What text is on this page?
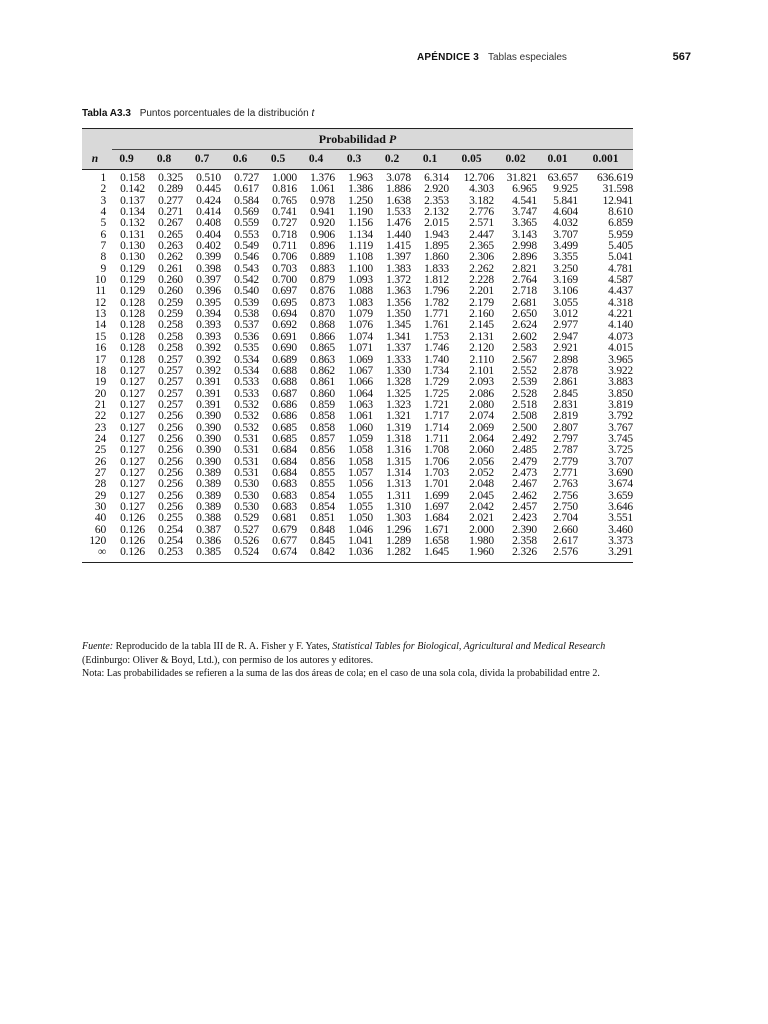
APÉNDICE 3 Tablas especiales	567
Tabla A3.3 Puntos porcentuales de la distribución t
Probabilidad P
n	0.9	0.8	0.7	0.6	0.5	0.4	0.3	0.2	0.1	0.05	0.02	0.01	0.001
1	0.158	0.325	0.510	0.727	1.000	1.376	1.963	3.078	6.314	12.706	31.821	63.657	636.619
2	0.142	0.289	0.445	0.617	0.816	1.061	1.386	1.886	2.920	4.303	6.965	9.925	31.598
3	0.137	0.277	0.424	0.584	0.765	0.978	1.250	1.638	2.353	3.182	4.541	5.841	12.941
4	0.134	0.271	0.414	0.569	0.741	0.941	1.190	1.533	2.132	2.776	3.747	4.604	8.610
5	0.132	0.267	0.408	0.559	0.727	0.920	1.156	1.476	2.015	2.571	3.365	4.032	6.859
6	0.131	0.265	0.404	0.553	0.718	0.906	1.134	1.440	1.943	2.447	3.143	3.707	5.959
7	0.130	0.263	0.402	0.549	0.711	0.896	1.119	1.415	1.895	2.365	2.998	3.499	5.405
8	0.130	0.262	0.399	0.546	0.706	0.889	1.108	1.397	1.860	2.306	2.896	3.355	5.041
9	0.129	0.261	0.398	0.543	0.703	0.883	1.100	1.383	1.833	2.262	2.821	3.250	4.781
10	0.129	0.260	0.397	0.542	0.700	0.879	1.093	1.372	1.812	2.228	2.764	3.169	4.587
11	0.129	0.260	0.396	0.540	0.697	0.876	1.088	1.363	1.796	2.201	2.718	3.106	4.437
12	0.128	0.259	0.395	0.539	0.695	0.873	1.083	1.356	1.782	2.179	2.681	3.055	4.318
13	0.128	0.259	0.394	0.538	0.694	0.870	1.079	1.350	1.771	2.160	2.650	3.012	4.221
14	0.128	0.258	0.393	0.537	0.692	0.868	1.076	1.345	1.761	2.145	2.624	2.977	4.140
15	0.128	0.258	0.393	0.536	0.691	0.866	1.074	1.341	1.753	2.131	2.602	2.947	4.073
16	0.128	0.258	0.392	0.535	0.690	0.865	1.071	1.337	1.746	2.120	2.583	2.921	4.015
17	0.128	0.257	0.392	0.534	0.689	0.863	1.069	1.333	1.740	2.110	2.567	2.898	3.965
18	0.127	0.257	0.392	0.534	0.688	0.862	1.067	1.330	1.734	2.101	2.552	2.878	3.922
19	0.127	0.257	0.391	0.533	0.688	0.861	1.066	1.328	1.729	2.093	2.539	2.861	3.883
20	0.127	0.257	0.391	0.533	0.687	0.860	1.064	1.325	1.725	2.086	2.528	2.845	3.850
21	0.127	0.257	0.391	0.532	0.686	0.859	1.063	1.323	1.721	2.080	2.518	2.831	3.819
22	0.127	0.256	0.390	0.532	0.686	0.858	1.061	1.321	1.717	2.074	2.508	2.819	3.792
23	0.127	0.256	0.390	0.532	0.685	0.858	1.060	1.319	1.714	2.069	2.500	2.807	3.767
24	0.127	0.256	0.390	0.531	0.685	0.857	1.059	1.318	1.711	2.064	2.492	2.797	3.745
25	0.127	0.256	0.390	0.531	0.684	0.856	1.058	1.316	1.708	2.060	2.485	2.787	3.725
26	0.127	0.256	0.390	0.531	0.684	0.856	1.058	1.315	1.706	2.056	2.479	2.779	3.707
27	0.127	0.256	0.389	0.531	0.684	0.855	1.057	1.314	1.703	2.052	2.473	2.771	3.690
28	0.127	0.256	0.389	0.530	0.683	0.855	1.056	1.313	1.701	2.048	2.467	2.763	3.674
29	0.127	0.256	0.389	0.530	0.683	0.854	1.055	1.311	1.699	2.045	2.462	2.756	3.659
30	0.127	0.256	0.389	0.530	0.683	0.854	1.055	1.310	1.697	2.042	2.457	2.750	3.646
40	0.126	0.255	0.388	0.529	0.681	0.851	1.050	1.303	1.684	2.021	2.423	2.704	3.551
60	0.126	0.254	0.387	0.527	0.679	0.848	1.046	1.296	1.671	2.000	2.390	2.660	3.460
120	0.126	0.254	0.386	0.526	0.677	0.845	1.041	1.289	1.658	1.980	2.358	2.617	3.373
∞	0.126	0.253	0.385	0.524	0.674	0.842	1.036	1.282	1.645	1.960	2.326	2.576	3.291

Fuente: Reproducido de la tabla III de R. A. Fisher y F. Yates, Statistical Tables for Biological, Agricultural and Medical Research (Edinburgo: Oliver & Boyd, Ltd.), con permiso de los autores y editores.

Nota: Las probabilidades se refieren a la suma de las dos áreas de cola; en el caso de una sola cola, divida la probabilidad entre 2.
